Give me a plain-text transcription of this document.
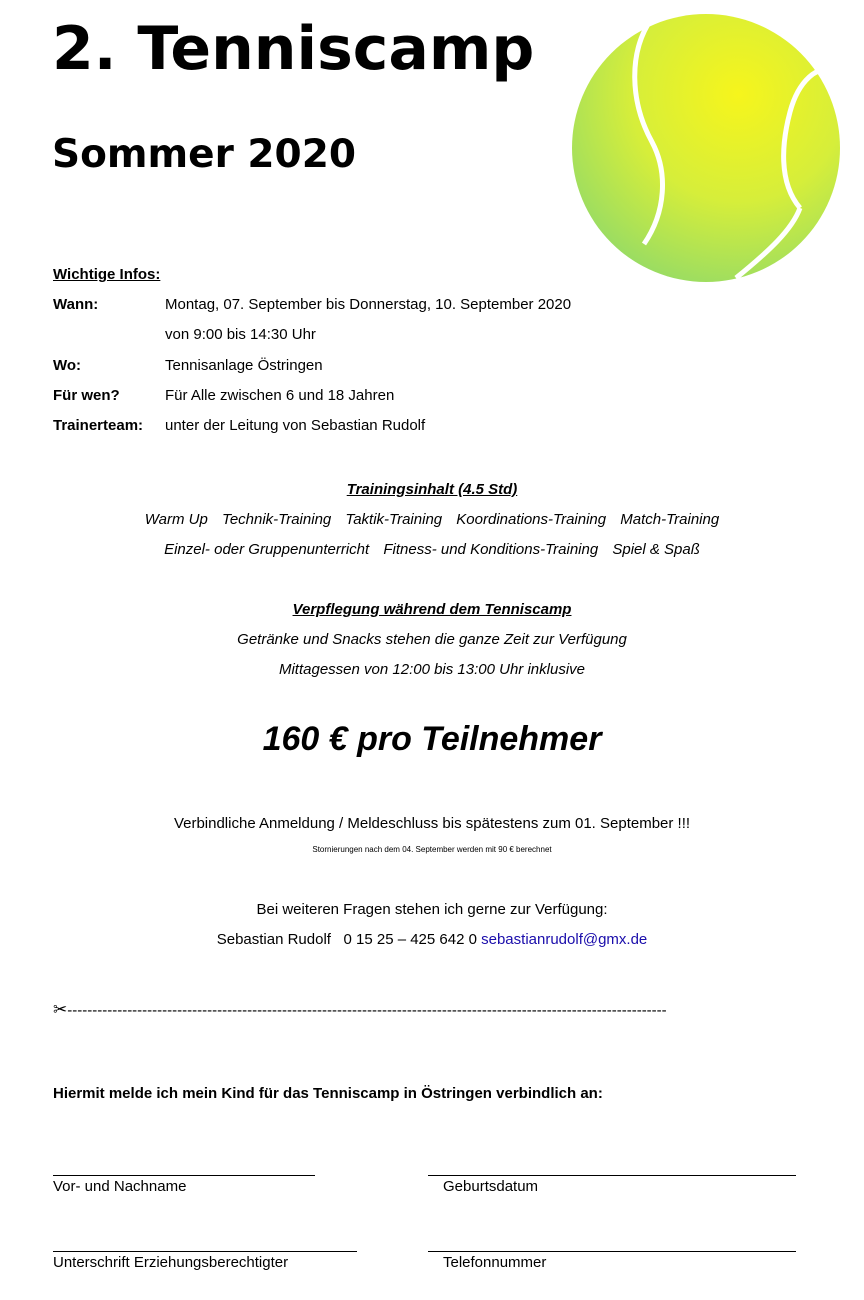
2. Tenniscamp
Sommer 2020
Wichtige Infos:
Wann:	Montag, 07. September bis Donnerstag, 10. September 2020
von 9:00 bis 14:30 Uhr
Wo:	Tennisanlage Östringen
Für wen?	Für Alle zwischen 6 und 18 Jahren
Trainerteam: unter der Leitung von Sebastian Rudolf
Trainingsinhalt (4.5 Std)
Warm Up Technik-Training Taktik-Training Koordinations-Training Match-Training
Einzel- oder Gruppenunterricht Fitness- und Konditions-Training Spiel & Spaß
Verpflegung während dem Tenniscamp
Getränke und Snacks stehen die ganze Zeit zur Verfügung
Mittagessen von 12:00 bis 13:00 Uhr inklusive
160 € pro Teilnehmer
Verbindliche Anmeldung / Meldeschluss bis spätestens zum 01. September !!!
Stornierungen nach dem 04. September werden mit 90 € berechnet
Bei weiteren Fragen stehen ich gerne zur Verfügung:
Sebastian Rudolf 0 15 25 – 425 642 0 sebastianrudolf@gmx.de
✂------------------------------------------------------------------------------------------------------------------------
Hiermit melde ich mein Kind für das Tenniscamp in Östringen verbindlich an:
Vor- und Nachname	Geburtsdatum
Unterschrift Erziehungsberechtigter	Telefonnummer
